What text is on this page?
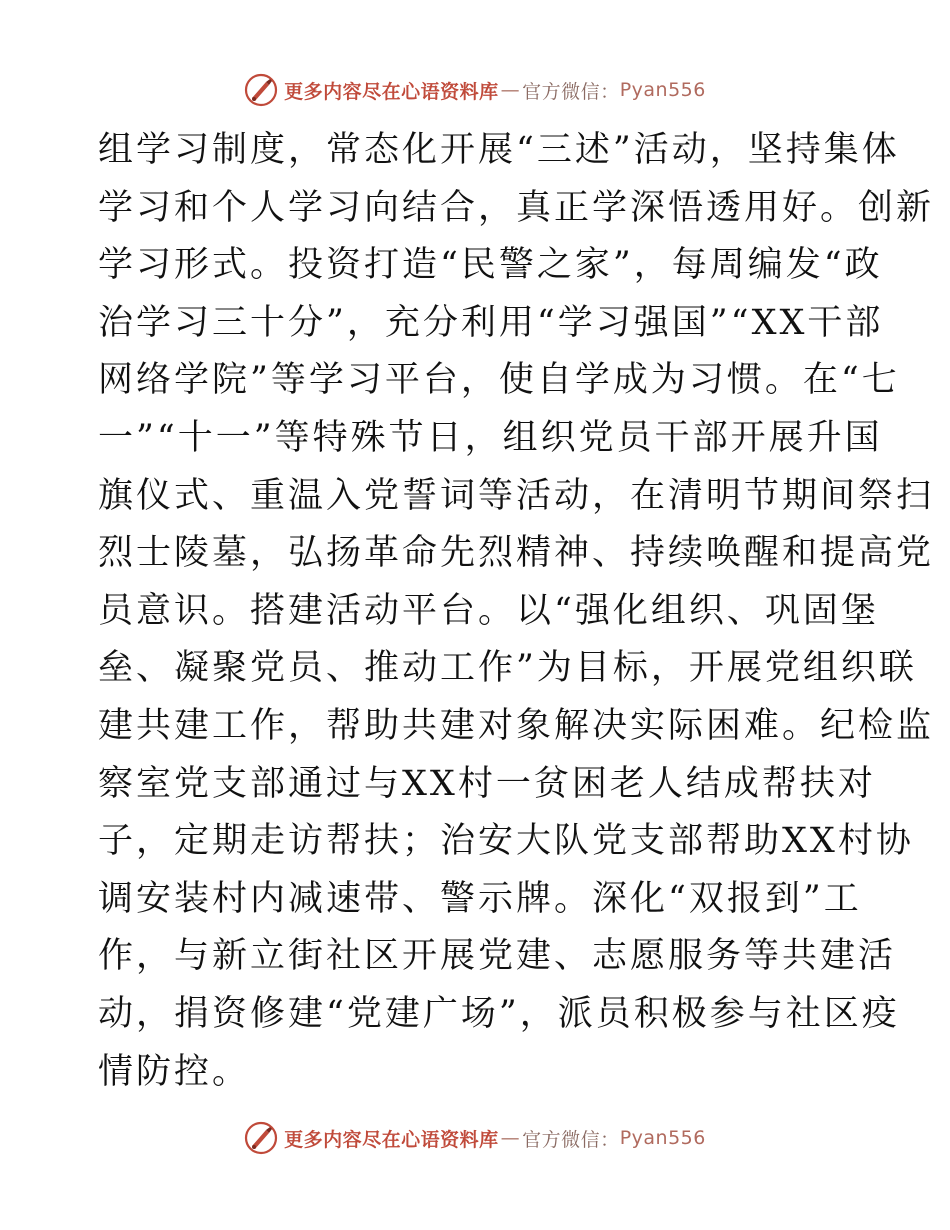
更多内容尽在心语资料库 — 官方微信： Pyan556
组学习制度，常态化开展“三述”活动，坚持集体
学习和个人学习向结合，真正学深悟透用好。创新
学习形式。投资打造“民警之家”，每周编发“政
治学习三十分”，充分利用“学习强国”“XX干部
网络学院”等学习平台，使自学成为习惯。在“七
一”“十一”等特殊节日，组织党员干部开展升国
旗仪式、重温入党誓词等活动，在清明节期间祭扫
烈士陵墓，弘扬革命先烈精神、持续唤醒和提高党
员意识。搭建活动平台。以“强化组织、巩固堡
垒、凝聚党员、推动工作”为目标，开展党组织联
建共建工作，帮助共建对象解决实际困难。纪检监
察室党支部通过与XX村一贫困老人结成帮扶对
子，定期走访帮扶；治安大队党支部帮助XX村协
调安装村内减速带、警示牌。深化“双报到”工
作，与新立街社区开展党建、志愿服务等共建活
动，捐资修建“党建广场”，派员积极参与社区疫
情防控。
更多内容尽在心语资料库 — 官方微信： Pyan556
